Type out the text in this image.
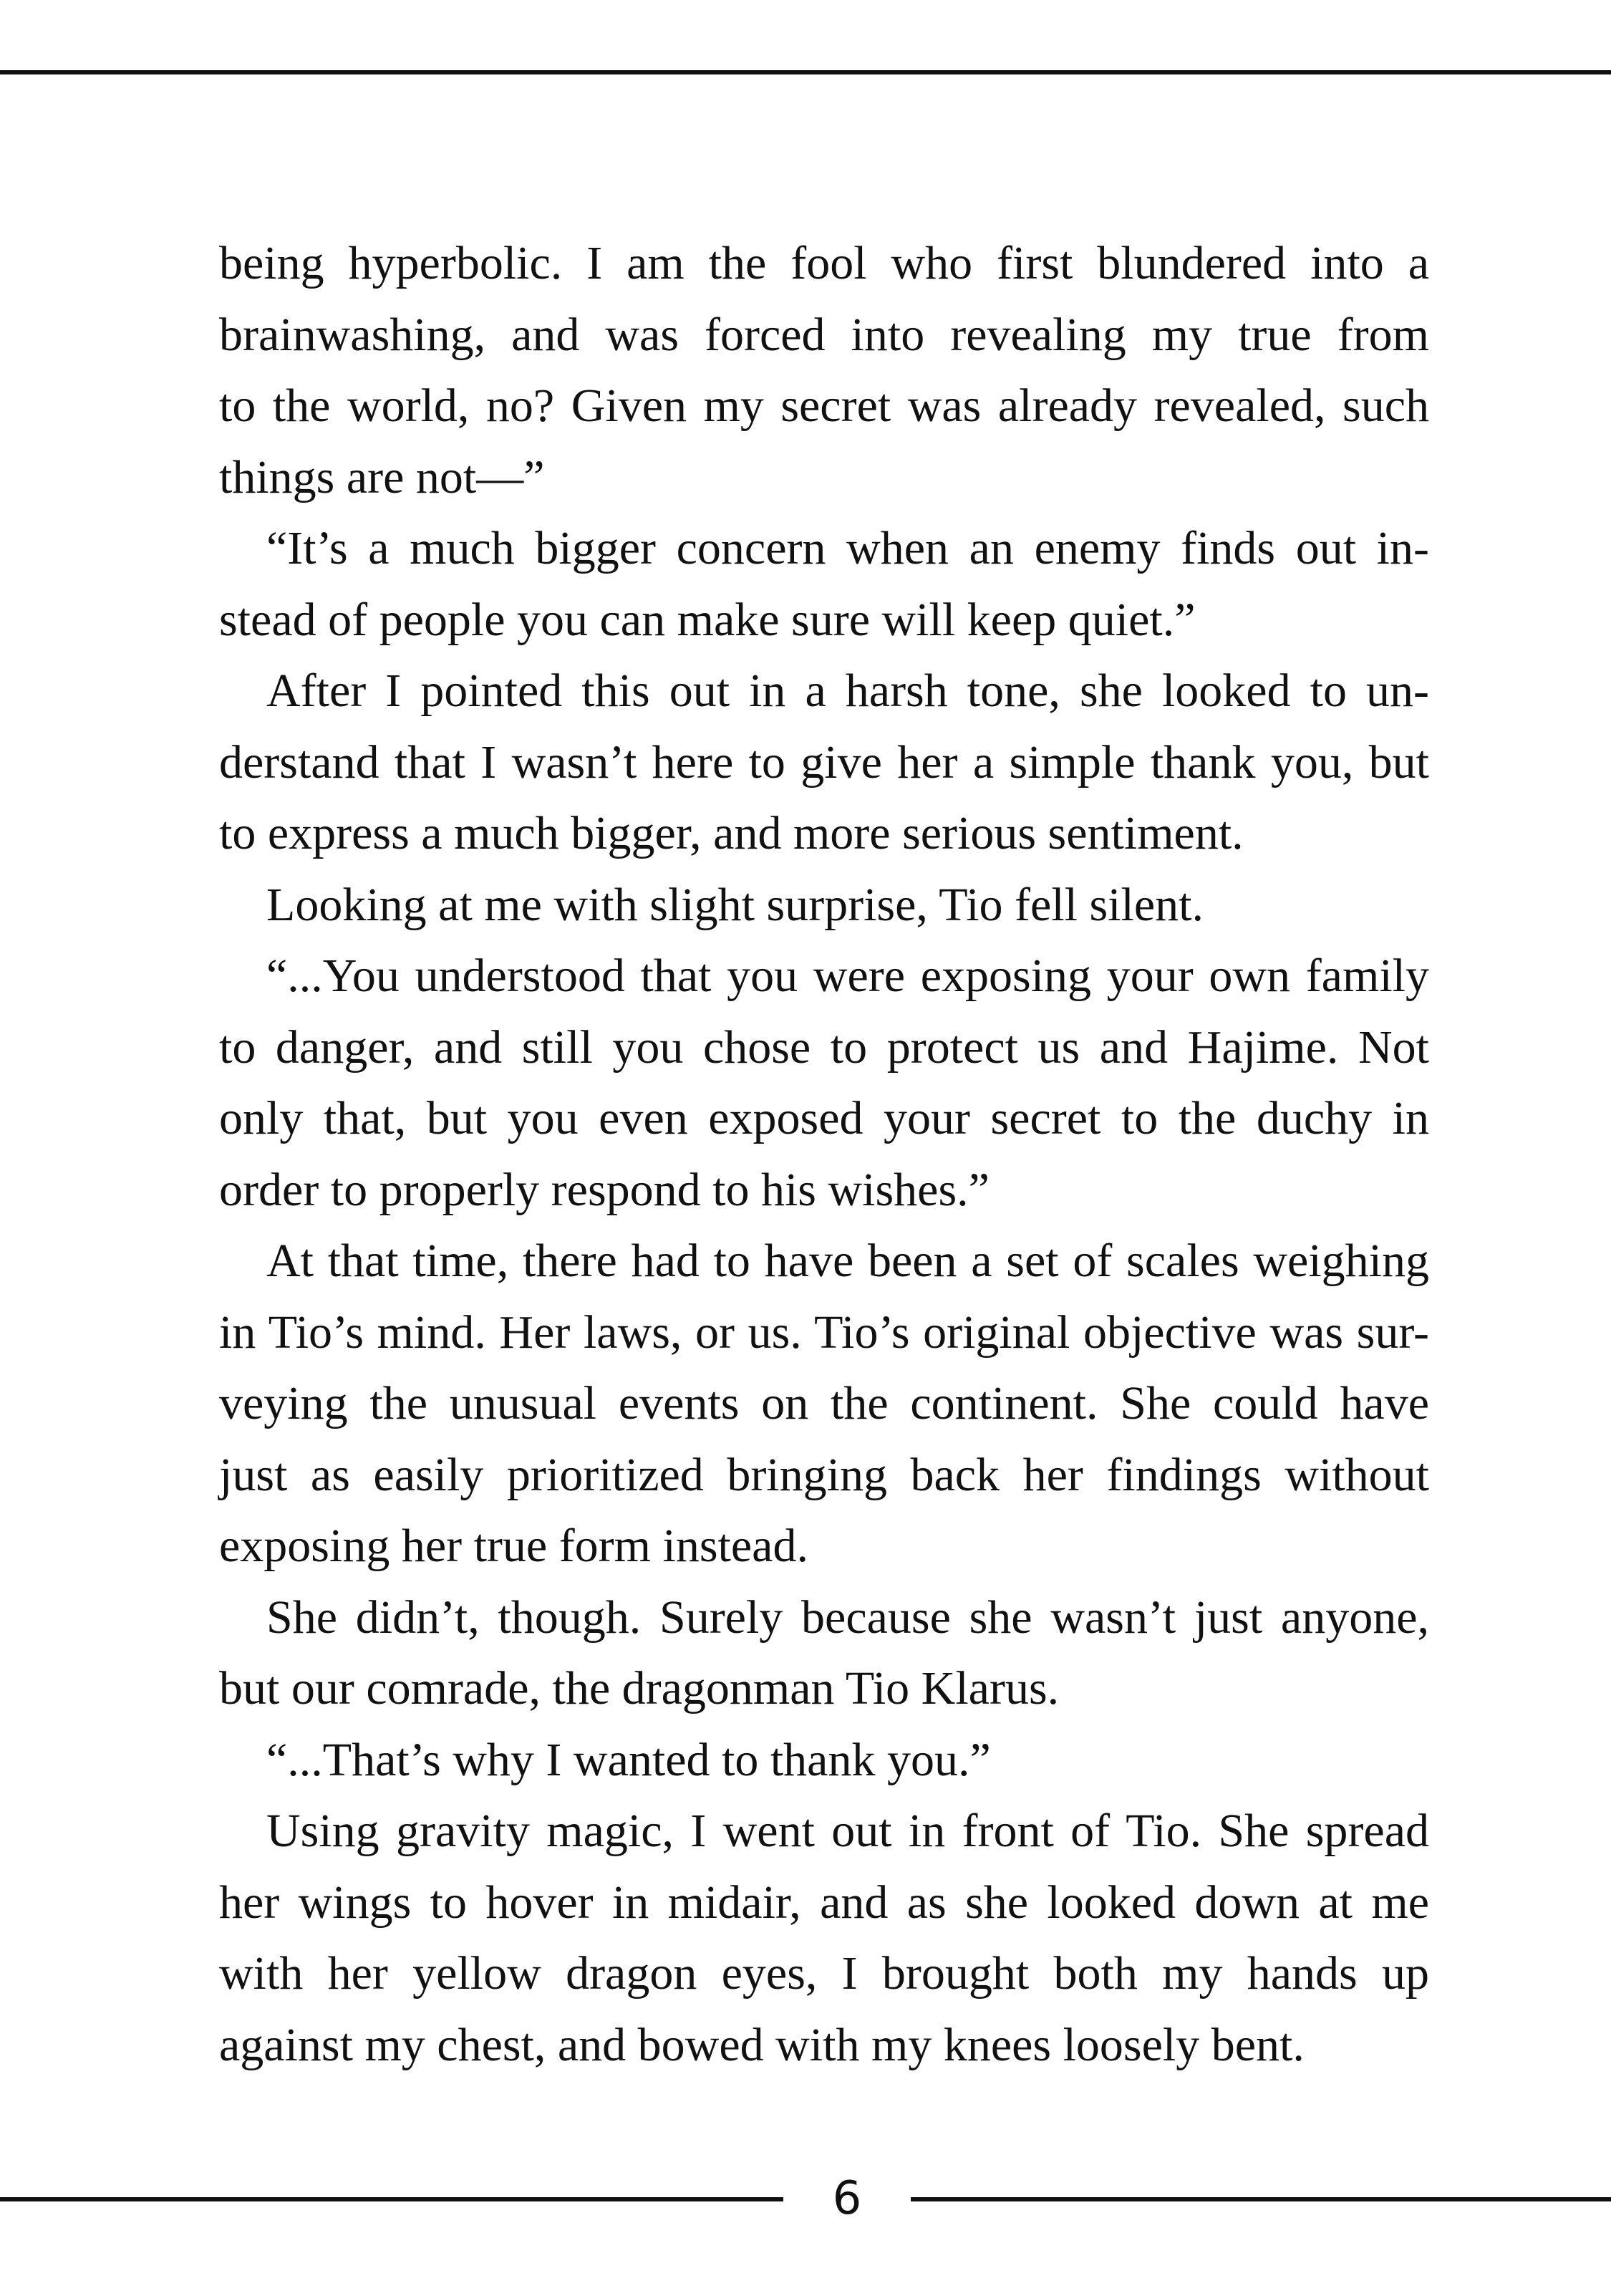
being hyperbolic. I am the fool who first blundered into a
brainwashing, and was forced into revealing my true from
to the world, no? Given my secret was already revealed, such
things are not—”
“It’s a much bigger concern when an enemy finds out in-
stead of people you can make sure will keep quiet.”
After I pointed this out in a harsh tone, she looked to un-
derstand that I wasn’t here to give her a simple thank you, but
to express a much bigger, and more serious sentiment.
Looking at me with slight surprise, Tio fell silent.
“...You understood that you were exposing your own family
to danger, and still you chose to protect us and Hajime. Not
only that, but you even exposed your secret to the duchy in
order to properly respond to his wishes.”
At that time, there had to have been a set of scales weighing
in Tio’s mind. Her laws, or us. Tio’s original objective was sur-
veying the unusual events on the continent. She could have
just as easily prioritized bringing back her findings without
exposing her true form instead.
She didn’t, though. Surely because she wasn’t just anyone,
but our comrade, the dragonman Tio Klarus.
“...That’s why I wanted to thank you.”
Using gravity magic, I went out in front of Tio. She spread
her wings to hover in midair, and as she looked down at me
with her yellow dragon eyes, I brought both my hands up
against my chest, and bowed with my knees loosely bent.
6
